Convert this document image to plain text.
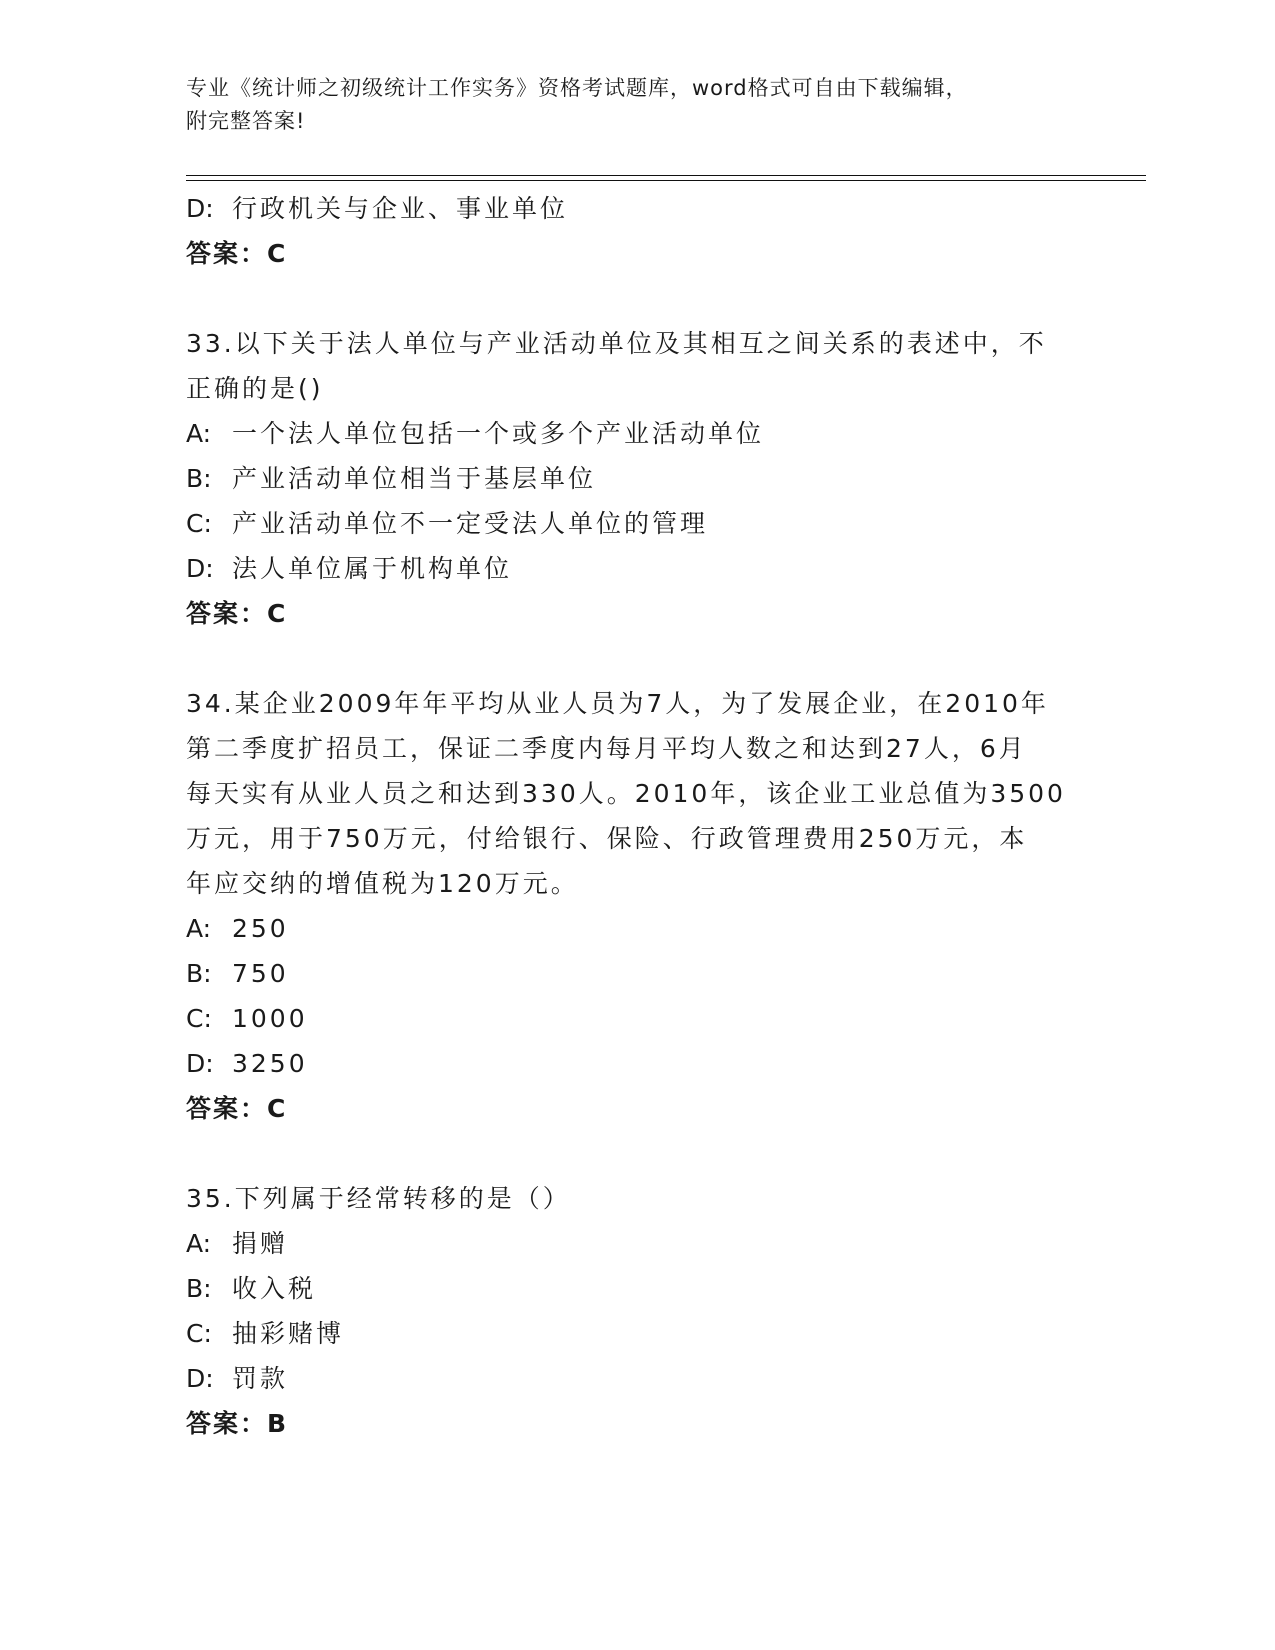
专业《统计师之初级统计工作实务》资格考试题库，word格式可自由下载编辑，
附完整答案!
D: 行政机关与企业、事业单位
答案：C
33.以下关于法人单位与产业活动单位及其相互之间关系的表述中，不
正确的是()
A: 一个法人单位包括一个或多个产业活动单位
B: 产业活动单位相当于基层单位
C: 产业活动单位不一定受法人单位的管理
D: 法人单位属于机构单位
答案：C
34.某企业2009年年平均从业人员为7人，为了发展企业，在2010年
第二季度扩招员工，保证二季度内每月平均人数之和达到27人，6月
每天实有从业人员之和达到330人。2010年，该企业工业总值为3500
万元，用于750万元，付给银行、保险、行政管理费用250万元，本
年应交纳的增值税为120万元。
A: 250
B: 750
C: 1000
D: 3250
答案：C
35.下列属于经常转移的是（）
A: 捐赠
B: 收入税
C: 抽彩赌博
D: 罚款
答案：B
